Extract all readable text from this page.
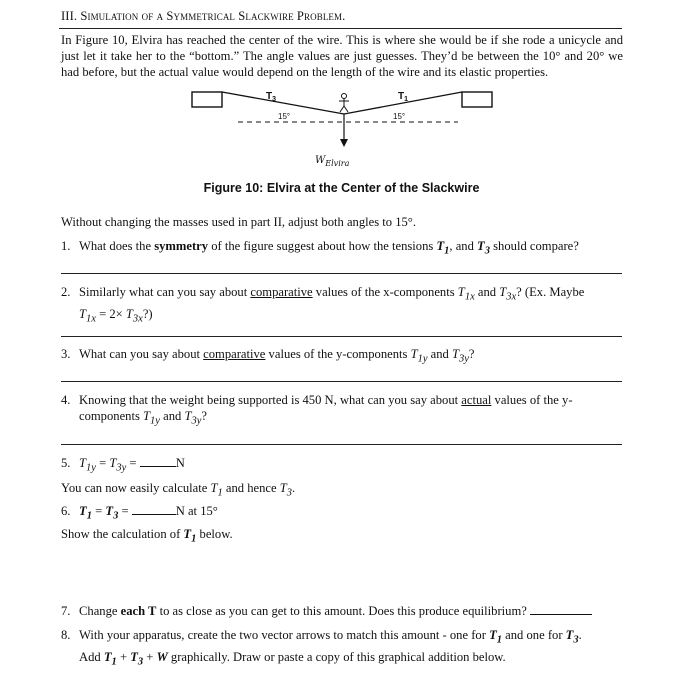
III. Simulation of a Symmetrical Slackwire Problem.
In Figure 10, Elvira has reached the center of the wire. This is where she would be if she rode a unicycle and just let it take her to the “bottom.” The angle values are just guesses. They’d be between the 10° and 20° we had before, but the actual value would depend on the length of the wire and its elastic properties.
$T_3$	$T_1$
15°	15°
$W_{Elvira}$
Figure 10: Elvira at the Center of the Slackwire
Without changing the masses used in part II, adjust both angles to 15°.
1. What does the symmetry of the figure suggest about how the tensions $T_1$, and $T_3$ should compare?
2. Similarly what can you say about comparative values of the x-components $T_{1x}$ and $T_{3x}$? (Ex. Maybe
$T_{1x} = 2\times$ $T_{3x}$?)
3. What can you say about comparative values of the y-components $T_{1y}$ and $T_{3y}$?
4. Knowing that the weight being supported is 450 N, what can you say about actual values of the y-
components $T_{1y}$ and $T_{3y}$?
5. $T_{1y} = T_{3y}$ =	N
You can now easily calculate $T_1$ and hence $T_3$.
6. $T_1 = T_3$ =	N at 15°
Show the calculation of $T_1$ below.
7. Change each T to as close as you can get to this amount. Does this produce equilibrium?
8. With your apparatus, create the two vector arrows to match this amount - one for $T_1$ and one for $T_3$.
Add $T_1 + T_3 + W$ graphically. Draw or paste a copy of this graphical addition below.
